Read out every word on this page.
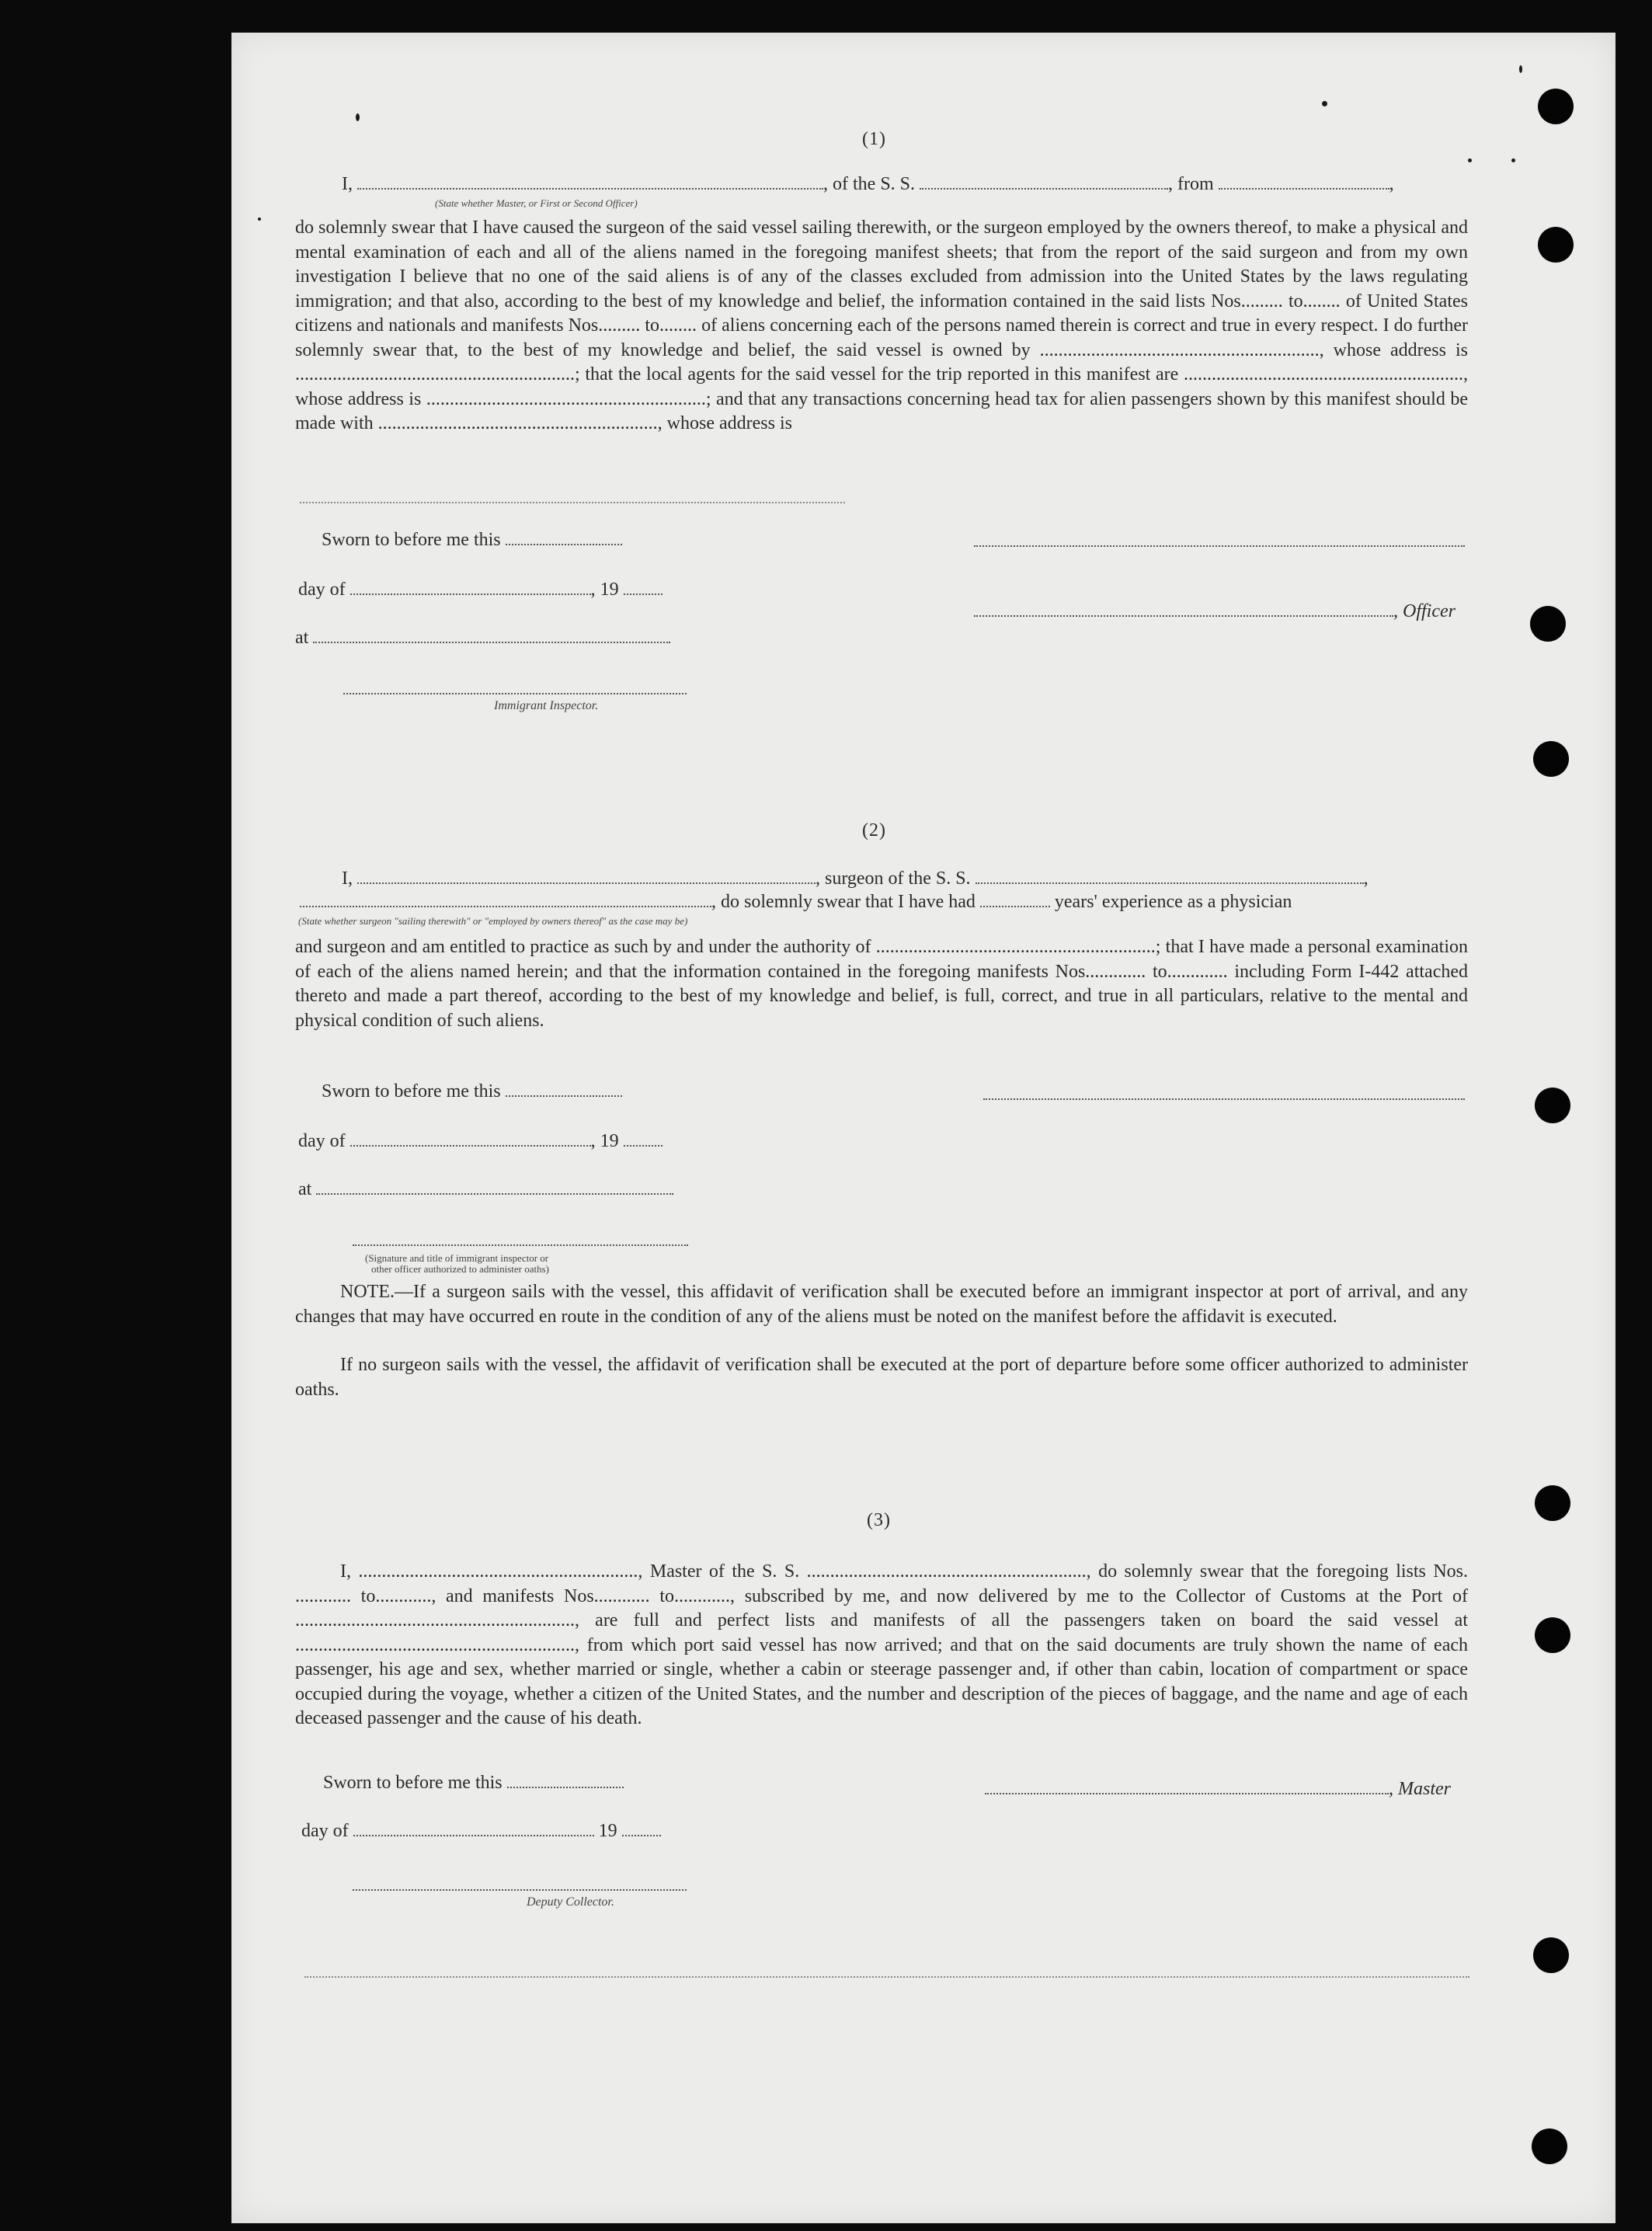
(1)
I,	, of the S. S.	, from	,
(State whether Master, or First or Second Officer)
do solemnly swear that I have caused the surgeon of the said vessel sailing therewith, or the surgeon employed by the owners thereof, to make a physical and mental examination of each and all of the aliens named in the foregoing manifest sheets; that from the report of the said surgeon and from my own investigation I believe that no one of the said aliens is of any of the classes excluded from admission into the United States by the laws regulating immigration; and that also, according to the best of my knowledge and belief, the information contained in the said lists Nos......... to........ of United States citizens and nationals and manifests Nos......... to........ of aliens concerning each of the persons named therein is correct and true in every respect. I do further solemnly swear that, to the best of my knowledge and belief, the said vessel is owned by ............................................................, whose address is ............................................................; that the local agents for the said vessel for the trip reported in this manifest are ............................................................, whose address is ............................................................; and that any transactions concerning head tax for alien passengers shown by this manifest should be made with ............................................................, whose address is
Sworn to before me this
day of	, 19
, Officer
at
Immigrant Inspector.
(2)
I,	, surgeon of the S. S.	,
, do solemnly swear that I have had	years' experience as a physician
(State whether surgeon "sailing therewith" or "employed by owners thereof" as the case may be)
and surgeon and am entitled to practice as such by and under the authority of ............................................................; that I have made a personal examination of each of the aliens named herein; and that the information contained in the foregoing manifests Nos............. to............. including Form I-442 attached thereto and made a part thereof, according to the best of my knowledge and belief, is full, correct, and true in all particulars, relative to the mental and physical condition of such aliens.
Sworn to before me this
day of	, 19
at
(Signature and title of immigrant inspector or
other officer authorized to administer oaths)
NOTE.—If a surgeon sails with the vessel, this affidavit of verification shall be executed before an immigrant inspector at port of arrival, and any changes that may have occurred en route in the condition of any of the aliens must be noted on the manifest before the affidavit is executed.
If no surgeon sails with the vessel, the affidavit of verification shall be executed at the port of departure before some officer authorized to administer oaths.
(3)
I, ............................................................, Master of the S. S. ............................................................, do solemnly swear that the foregoing lists Nos. ............ to............, and manifests Nos............ to............, subscribed by me, and now delivered by me to the Collector of Customs at the Port of ............................................................, are full and perfect lists and manifests of all the passengers taken on board the said vessel at ............................................................, from which port said vessel has now arrived; and that on the said documents are truly shown the name of each passenger, his age and sex, whether married or single, whether a cabin or steerage passenger and, if other than cabin, location of compartment or space occupied during the voyage, whether a citizen of the United States, and the number and description of the pieces of baggage, and the name and age of each deceased passenger and the cause of his death.
Sworn to before me this	, Master
day of	19
Deputy Collector.
